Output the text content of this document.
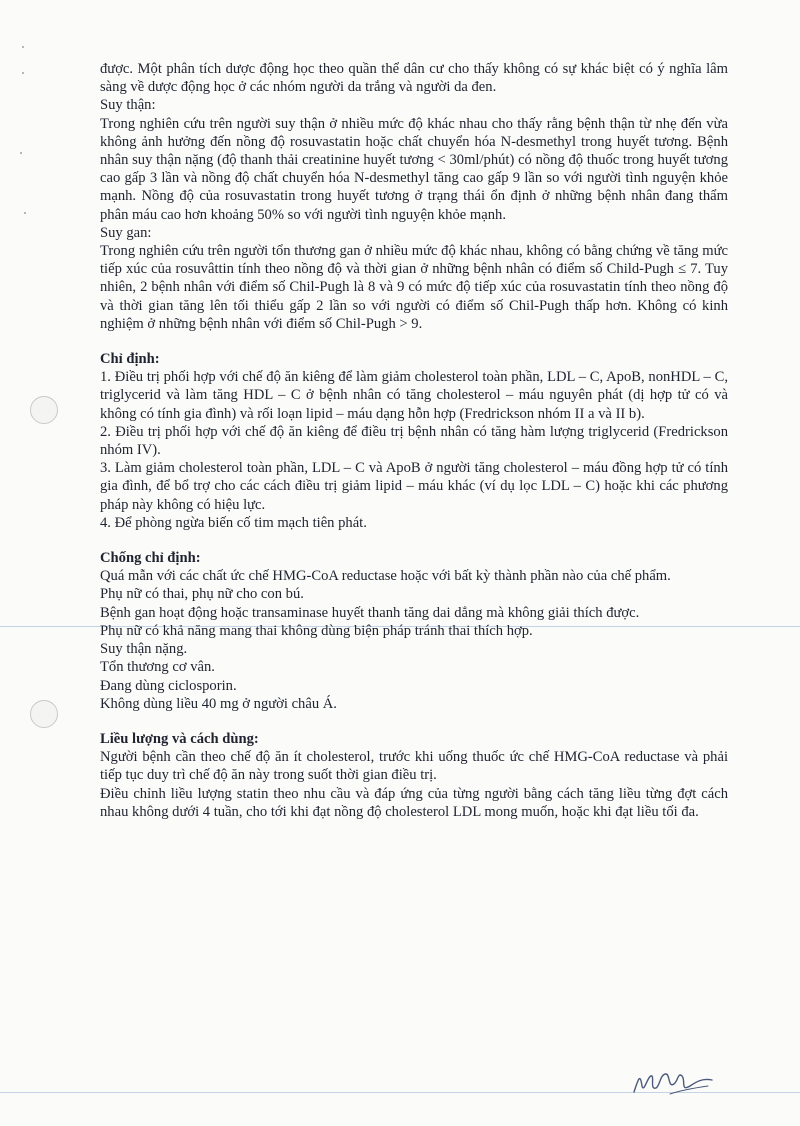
được. Một phân tích dược động học theo quần thể dân cư cho thấy không có sự khác biệt có ý nghĩa lâm sàng về dược động học ở các nhóm người da trắng và người da đen.

Suy thận:

Trong nghiên cứu trên người suy thận ở nhiều mức độ khác nhau cho thấy rằng bệnh thận từ nhẹ đến vừa không ảnh hưởng đến nồng độ rosuvastatin hoặc chất chuyển hóa N-desmethyl trong huyết tương. Bệnh nhân suy thận nặng (độ thanh thải creatinine huyết tương < 30ml/phút) có nồng độ thuốc trong huyết tương cao gấp 3 lần và nồng độ chất chuyển hóa N-desmethyl tăng cao gấp 9 lần so với người tình nguyện khỏe mạnh. Nồng độ của rosuvastatin trong huyết tương ở trạng thái ổn định ở những bệnh nhân đang thẩm phân máu cao hơn khoảng 50% so với người tình nguyện khỏe mạnh.

Suy gan:

Trong nghiên cứu trên người tổn thương gan ở nhiều mức độ khác nhau, không có bằng chứng về tăng mức tiếp xúc của rosuvâttin tính theo nồng độ và thời gian ở những bệnh nhân có điểm số Child-Pugh ≤ 7. Tuy nhiên, 2 bệnh nhân với điểm số Chil-Pugh là 8 và 9 có mức độ tiếp xúc của rosuvastatin tính theo nồng độ và thời gian tăng lên tối thiểu gấp 2 lần so với người có điểm số Chil-Pugh thấp hơn. Không có kinh nghiệm ở những bệnh nhân với điểm số Chil-Pugh > 9.

Chỉ định:

1. Điều trị phối hợp với chế độ ăn kiêng để làm giảm cholesterol toàn phần, LDL – C, ApoB, nonHDL – C, triglycerid và làm tăng HDL – C ở bệnh nhân có tăng cholesterol – máu nguyên phát (dị hợp tử có và không có tính gia đình) và rối loạn lipid – máu dạng hỗn hợp (Fredrickson nhóm II a và II b).

2. Điều trị phối hợp với chế độ ăn kiêng để điều trị bệnh nhân có tăng hàm lượng triglycerid (Fredrickson nhóm IV).

3. Làm giảm cholesterol toàn phần, LDL – C và ApoB ở người tăng cholesterol – máu đồng hợp tử có tính gia đình, để bổ trợ cho các cách điều trị giảm lipid – máu khác (ví dụ lọc LDL – C) hoặc khi các phương pháp này không có hiệu lực.

4. Để phòng ngừa biến cố tim mạch tiên phát.

Chống chỉ định:

Quá mẫn với các chất ức chế HMG-CoA reductase hoặc với bất kỳ thành phần nào của chế phẩm.

Phụ nữ có thai, phụ nữ cho con bú.

Bệnh gan hoạt động hoặc transaminase huyết thanh tăng dai dẳng mà không giải thích được.

Phụ nữ có khả năng mang thai không dùng biện pháp tránh thai thích hợp.

Suy thận nặng.

Tổn thương cơ vân.

Đang dùng ciclosporin.

Không dùng liều 40 mg ở người châu Á.

Liều lượng và cách dùng:

Người bệnh cần theo chế độ ăn ít cholesterol, trước khi uống thuốc ức chế HMG-CoA reductase và phải tiếp tục duy trì chế độ ăn này trong suốt thời gian điều trị.

Điều chỉnh liều lượng statin theo nhu cầu và đáp ứng của từng người bằng cách tăng liều từng đợt cách nhau không dưới 4 tuần, cho tới khi đạt nồng độ cholesterol LDL mong muốn, hoặc khi đạt liều tối đa.
